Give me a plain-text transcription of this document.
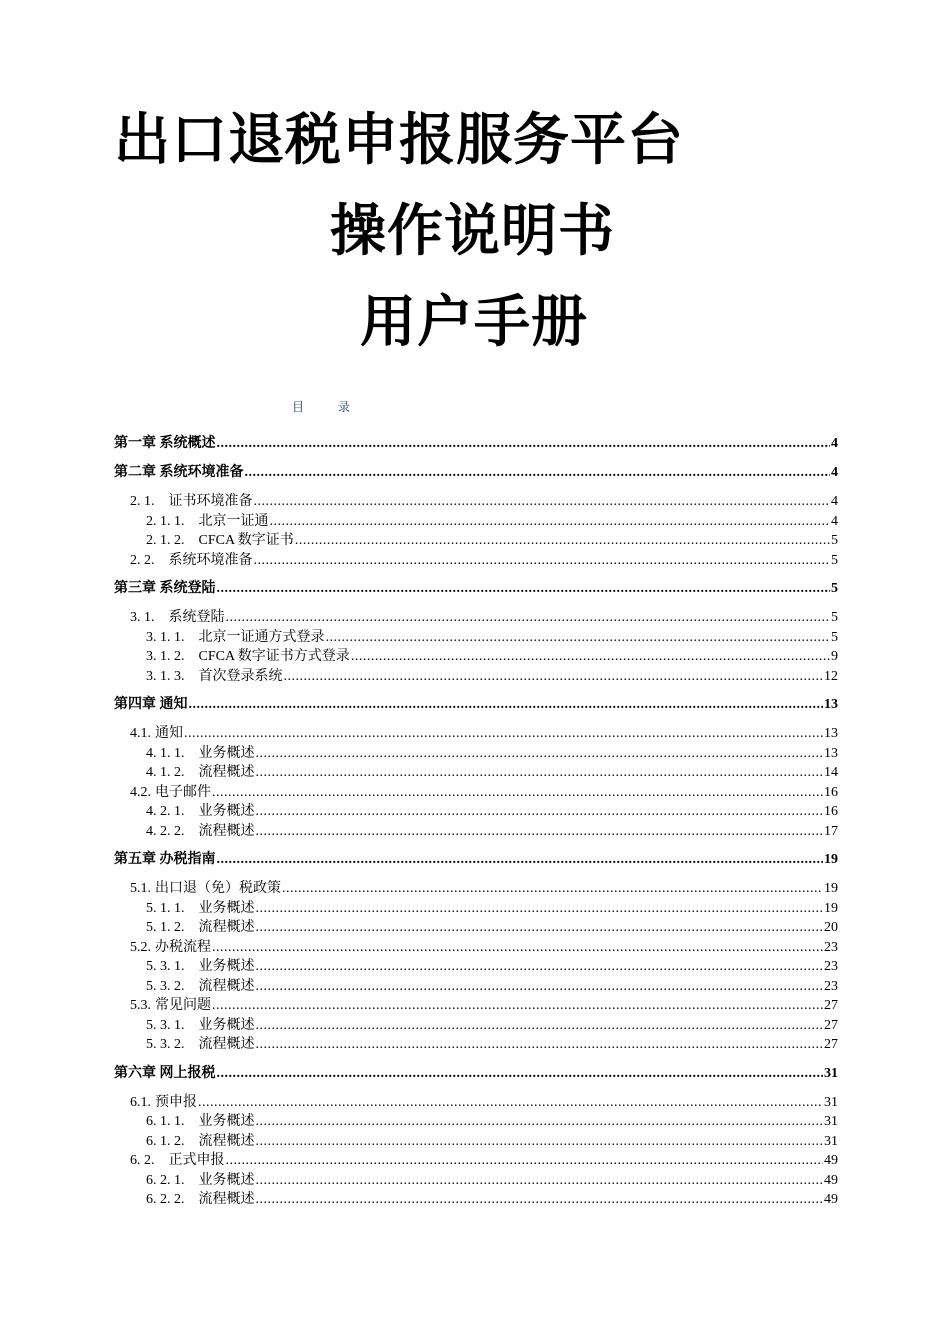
出口退税申报服务平台
操作说明书
用户手册
目	录
第一章 系统概述 .....	4
第二章 系统环境准备 .....	4
2. 1. 证书环境准备 .....	4
2. 1. 1. 北京一证通 .....	4
2. 1. 2. CFCA 数字证书 .....	5
2. 2. 系统环境准备 .....	5
第三章 系统登陆 .....	5
3. 1. 系统登陆 .....	5
3. 1. 1. 北京一证通方式登录 .....	5
3. 1. 2. CFCA 数字证书方式登录 .....	9
3. 1. 3. 首次登录系统 .....	12
第四章 通知 .....	13
4.1. 通知 .....	13
4. 1. 1. 业务概述 .....	13
4. 1. 2. 流程概述 .....	14
4.2. 电子邮件 .....	16
4. 2. 1. 业务概述 .....	16
4. 2. 2. 流程概述 .....	17
第五章 办税指南 .....	19
5.1. 出口退（免）税政策 .....	19
5. 1. 1. 业务概述 .....	19
5. 1. 2. 流程概述 .....	20
5.2. 办税流程 .....	23
5. 3. 1. 业务概述 .....	23
5. 3. 2. 流程概述 .....	23
5.3. 常见问题 .....	27
5. 3. 1. 业务概述 .....	27
5. 3. 2. 流程概述 .....	27
第六章 网上报税 .....	31
6.1. 预申报 .....	31
6. 1. 1. 业务概述 .....	31
6. 1. 2. 流程概述 .....	31
6. 2. 正式申报 .....	49
6. 2. 1. 业务概述 .....	49
6. 2. 2. 流程概述 .....	49
